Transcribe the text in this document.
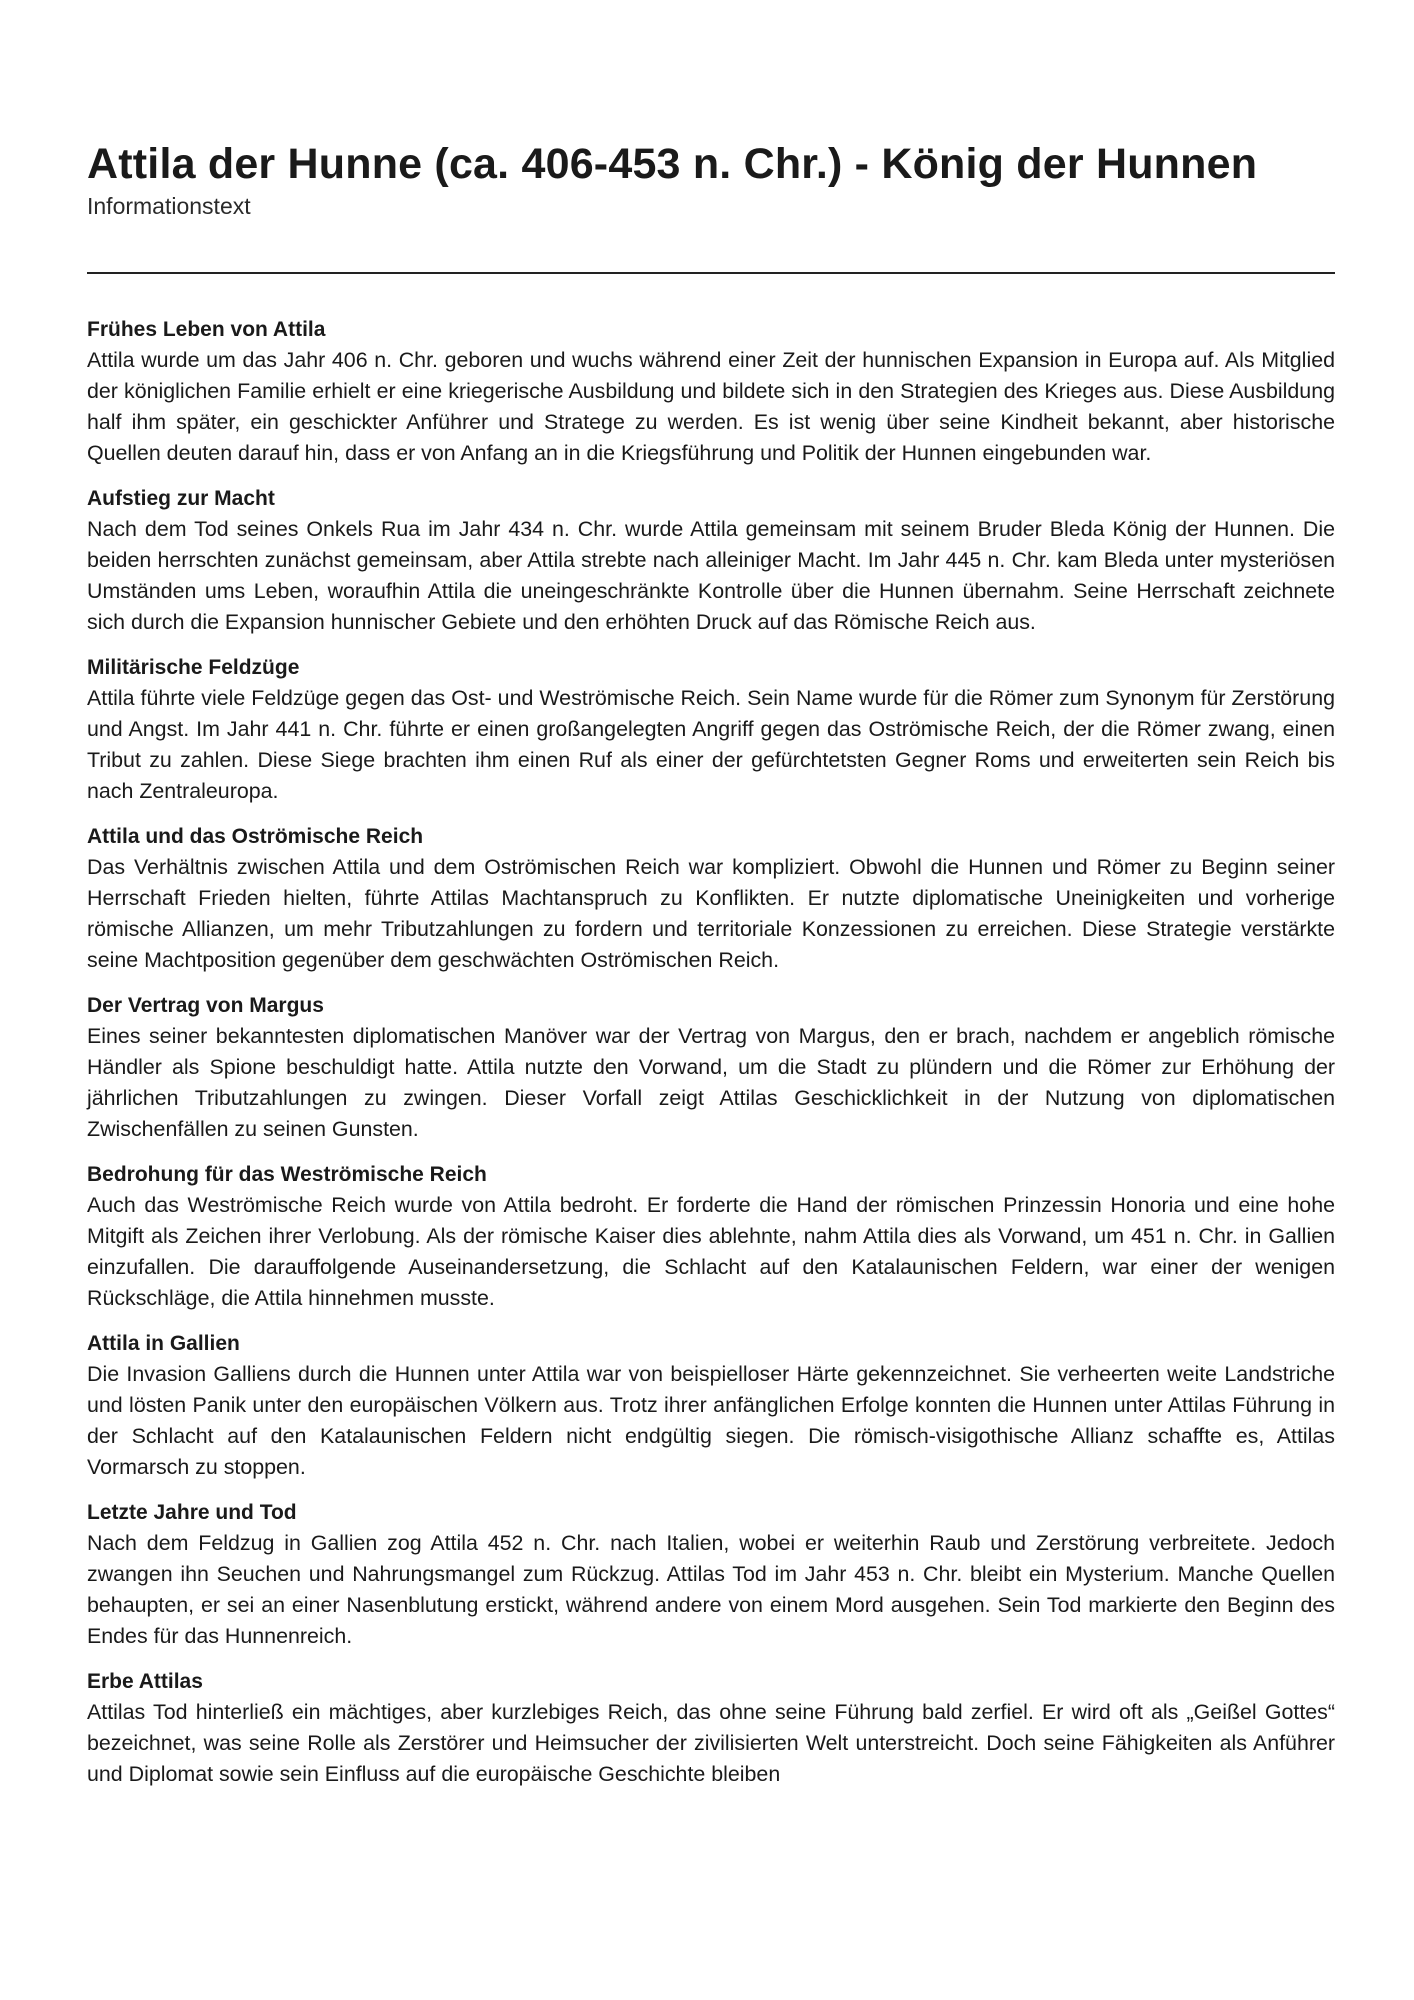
Attila der Hunne (ca. 406-453 n. Chr.) - König der Hunnen
Informationstext
Frühes Leben von Attila

Attila wurde um das Jahr 406 n. Chr. geboren und wuchs während einer Zeit der hunnischen Expansion in Europa auf. Als Mitglied der königlichen Familie erhielt er eine kriegerische Ausbildung und bildete sich in den Strategien des Krieges aus. Diese Ausbildung half ihm später, ein geschickter Anführer und Stratege zu werden. Es ist wenig über seine Kindheit bekannt, aber historische Quellen deuten darauf hin, dass er von Anfang an in die Kriegsführung und Politik der Hunnen eingebunden war.

Aufstieg zur Macht

Nach dem Tod seines Onkels Rua im Jahr 434 n. Chr. wurde Attila gemeinsam mit seinem Bruder Bleda König der Hunnen. Die beiden herrschten zunächst gemeinsam, aber Attila strebte nach alleiniger Macht. Im Jahr 445 n. Chr. kam Bleda unter mysteriösen Umständen ums Leben, woraufhin Attila die uneingeschränkte Kontrolle über die Hunnen übernahm. Seine Herrschaft zeichnete sich durch die Expansion hunnischer Gebiete und den erhöhten Druck auf das Römische Reich aus.

Militärische Feldzüge

Attila führte viele Feldzüge gegen das Ost- und Weströmische Reich. Sein Name wurde für die Römer zum Synonym für Zerstörung und Angst. Im Jahr 441 n. Chr. führte er einen großangelegten Angriff gegen das Oströmische Reich, der die Römer zwang, einen Tribut zu zahlen. Diese Siege brachten ihm einen Ruf als einer der gefürchtetsten Gegner Roms und erweiterten sein Reich bis nach Zentraleuropa.

Attila und das Oströmische Reich

Das Verhältnis zwischen Attila und dem Oströmischen Reich war kompliziert. Obwohl die Hunnen und Römer zu Beginn seiner Herrschaft Frieden hielten, führte Attilas Machtanspruch zu Konflikten. Er nutzte diplomatische Uneinigkeiten und vorherige römische Allianzen, um mehr Tributzahlungen zu fordern und territoriale Konzessionen zu erreichen. Diese Strategie verstärkte seine Machtposition gegenüber dem geschwächten Oströmischen Reich.

Der Vertrag von Margus

Eines seiner bekanntesten diplomatischen Manöver war der Vertrag von Margus, den er brach, nachdem er angeblich römische Händler als Spione beschuldigt hatte. Attila nutzte den Vorwand, um die Stadt zu plündern und die Römer zur Erhöhung der jährlichen Tributzahlungen zu zwingen. Dieser Vorfall zeigt Attilas Geschicklichkeit in der Nutzung von diplomatischen Zwischenfällen zu seinen Gunsten.

Bedrohung für das Weströmische Reich

Auch das Weströmische Reich wurde von Attila bedroht. Er forderte die Hand der römischen Prinzessin Honoria und eine hohe Mitgift als Zeichen ihrer Verlobung. Als der römische Kaiser dies ablehnte, nahm Attila dies als Vorwand, um 451 n. Chr. in Gallien einzufallen. Die darauffolgende Auseinandersetzung, die Schlacht auf den Katalaunischen Feldern, war einer der wenigen Rückschläge, die Attila hinnehmen musste.

Attila in Gallien

Die Invasion Galliens durch die Hunnen unter Attila war von beispielloser Härte gekennzeichnet. Sie verheerten weite Landstriche und lösten Panik unter den europäischen Völkern aus. Trotz ihrer anfänglichen Erfolge konnten die Hunnen unter Attilas Führung in der Schlacht auf den Katalaunischen Feldern nicht endgültig siegen. Die römisch-visigothische Allianz schaffte es, Attilas Vormarsch zu stoppen.

Letzte Jahre und Tod

Nach dem Feldzug in Gallien zog Attila 452 n. Chr. nach Italien, wobei er weiterhin Raub und Zerstörung verbreitete. Jedoch zwangen ihn Seuchen und Nahrungsmangel zum Rückzug. Attilas Tod im Jahr 453 n. Chr. bleibt ein Mysterium. Manche Quellen behaupten, er sei an einer Nasenblutung erstickt, während andere von einem Mord ausgehen. Sein Tod markierte den Beginn des Endes für das Hunnenreich.

Erbe Attilas

Attilas Tod hinterließ ein mächtiges, aber kurzlebiges Reich, das ohne seine Führung bald zerfiel. Er wird oft als „Geißel Gottes“ bezeichnet, was seine Rolle als Zerstörer und Heimsucher der zivilisierten Welt unterstreicht. Doch seine Fähigkeiten als Anführer und Diplomat sowie sein Einfluss auf die europäische Geschichte bleiben
